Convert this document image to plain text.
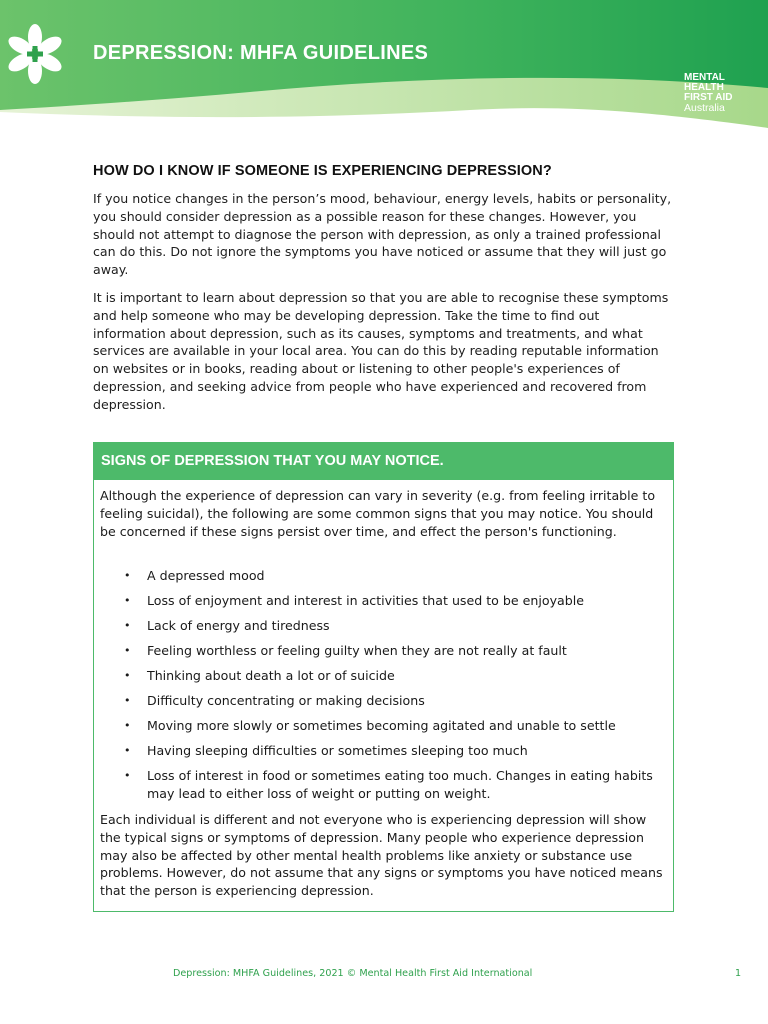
DEPRESSION: MHFA GUIDELINES
MENTAL
HEALTH
FIRST AID
Australia
HOW DO I KNOW IF SOMEONE IS EXPERIENCING DEPRESSION?

If you notice changes in the person’s mood, behaviour, energy levels, habits or personality, you should consider depression as a possible reason for these changes. However, you should not attempt to diagnose the person with depression, as only a trained professional can do this. Do not ignore the symptoms you have noticed or assume that they will just go away.

It is important to learn about depression so that you are able to recognise these symptoms and help someone who may be developing depression. Take the time to find out information about depression, such as its causes, symptoms and treatments, and what services are available in your local area. You can do this by reading reputable information on websites or in books, reading about or listening to other people's experiences of depression, and seeking advice from people who have experienced and recovered from depression.

SIGNS OF DEPRESSION THAT YOU MAY NOTICE.

Although the experience of depression can vary in severity (e.g. from feeling irritable to feeling suicidal), the following are some common signs that you may notice. You should be concerned if these signs persist over time, and effect the person's functioning.

• A depressed mood
• Loss of enjoyment and interest in activities that used to be enjoyable
• Lack of energy and tiredness
• Feeling worthless or feeling guilty when they are not really at fault
• Thinking about death a lot or of suicide
• Difficulty concentrating or making decisions
• Moving more slowly or sometimes becoming agitated and unable to settle
• Having sleeping difficulties or sometimes sleeping too much
• Loss of interest in food or sometimes eating too much. Changes in eating habits may lead to either loss of weight or putting on weight.

Each individual is different and not everyone who is experiencing depression will show the typical signs or symptoms of depression. Many people who experience depression may also be affected by other mental health problems like anxiety or substance use problems. However, do not assume that any signs or symptoms you have noticed means that the person is experiencing depression.

Depression: MHFA Guidelines, 2021 © Mental Health First Aid International	1
